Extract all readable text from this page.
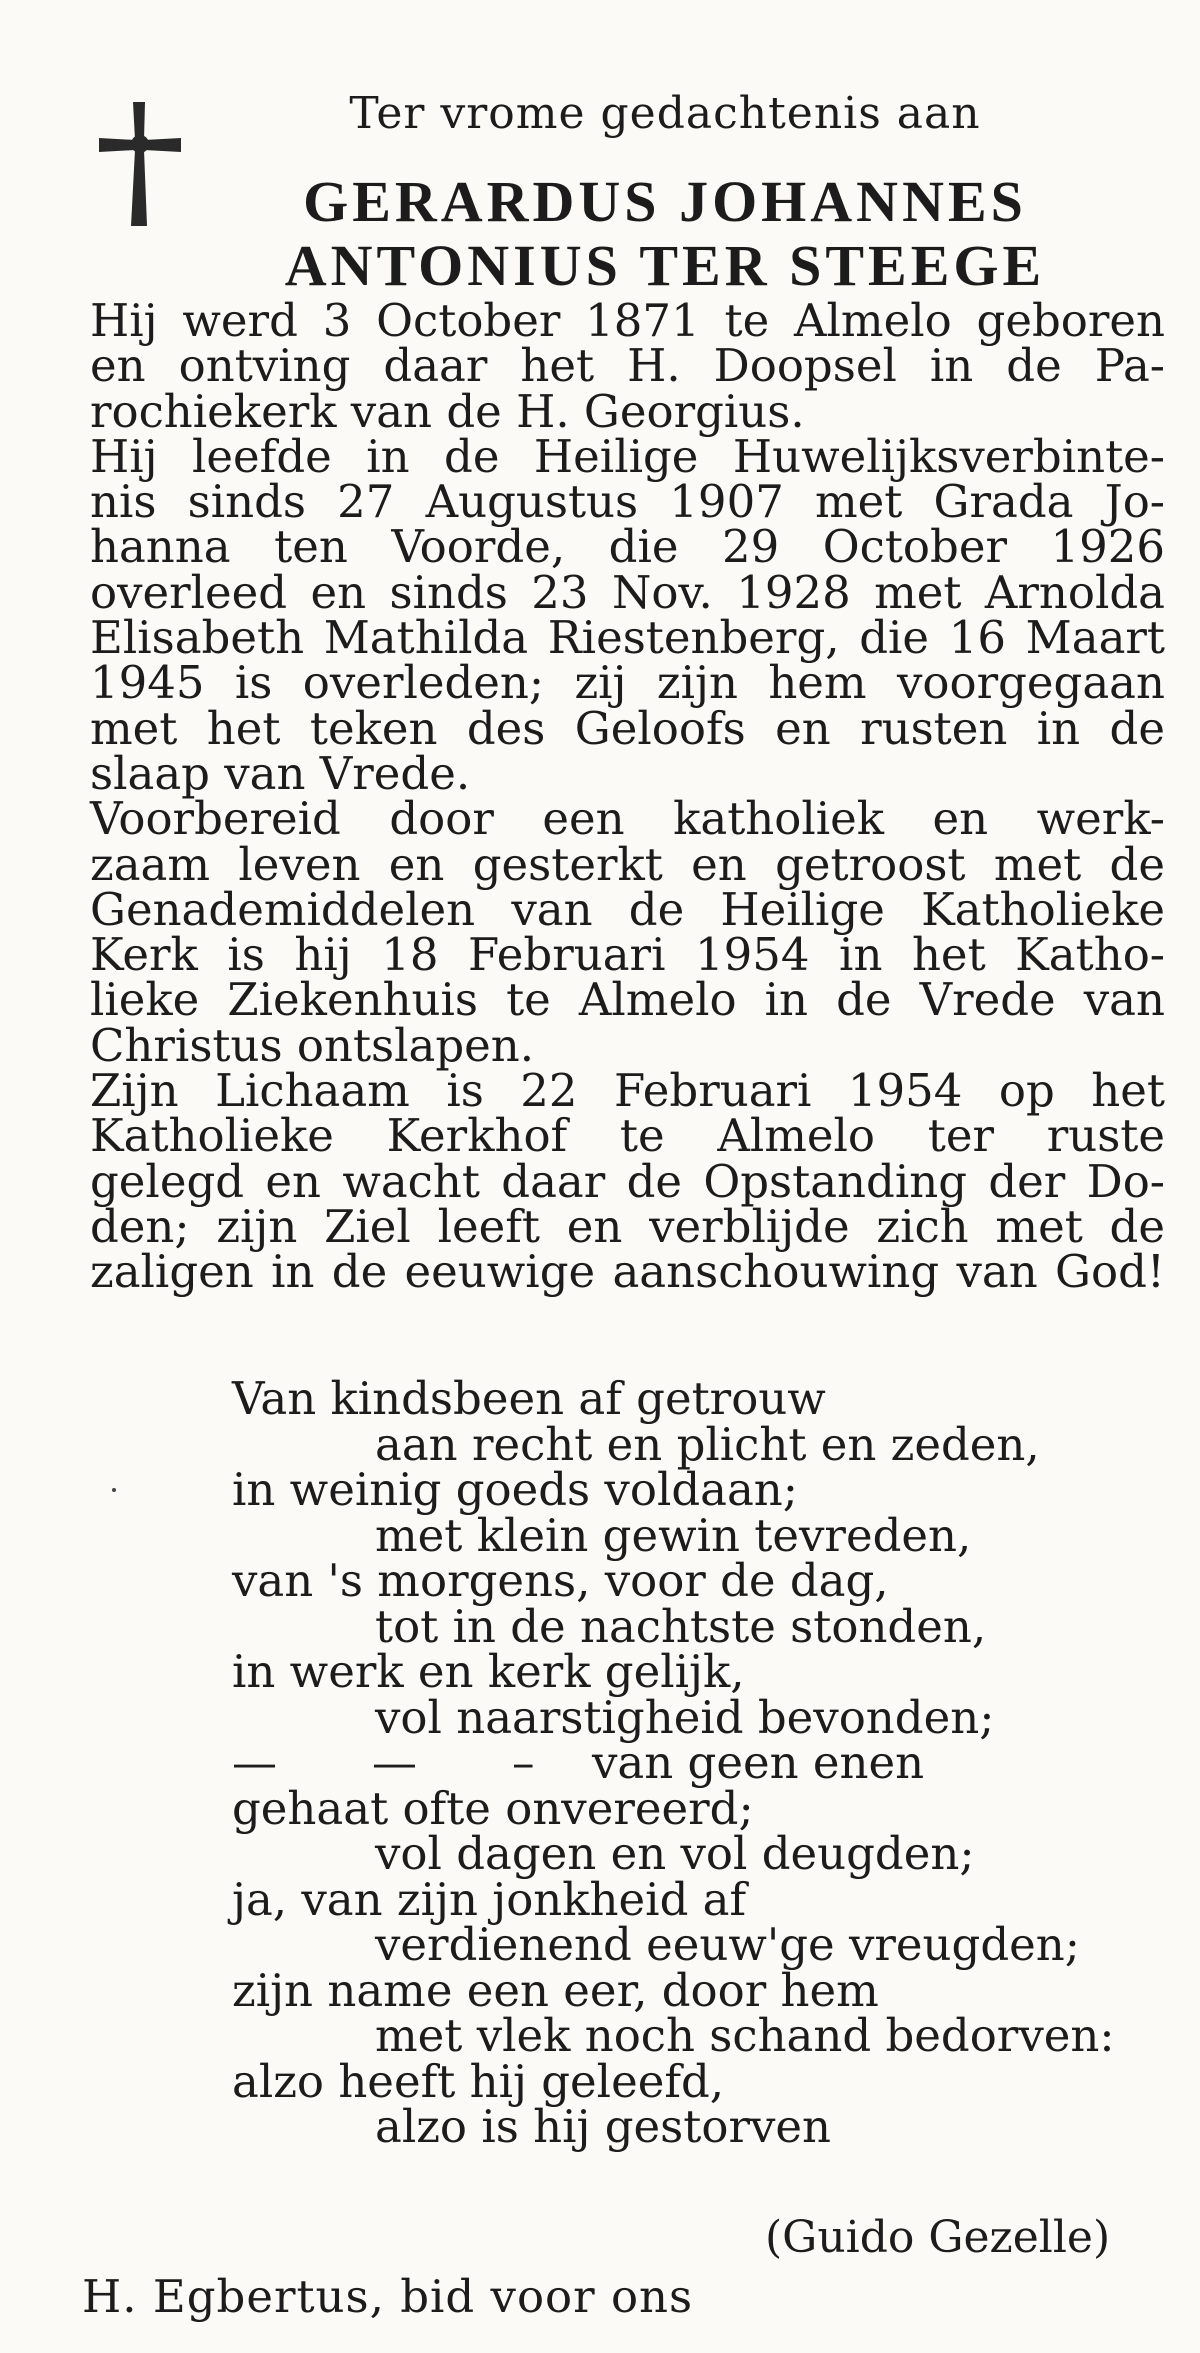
Ter vrome gedachtenis aan
GERARDUS JOHANNES
ANTONIUS TER STEEGE
Hij werd 3 October 1871 te Almelo geboren
en ontving daar het H. Doopsel in de Pa-
rochiekerk van de H. Georgius.
Hij leefde in de Heilige Huwelijksverbinte-
nis sinds 27 Augustus 1907 met Grada Jo-
hanna ten Voorde, die 29 October 1926
overleed en sinds 23 Nov. 1928 met Arnolda
Elisabeth Mathilda Riestenberg, die 16 Maart
1945 is overleden; zij zijn hem voorgegaan
met het teken des Geloofs en rusten in de
slaap van Vrede.
Voorbereid door een katholiek en werk-
zaam leven en gesterkt en getroost met de
Genademiddelen van de Heilige Katholieke
Kerk is hij 18 Februari 1954 in het Katho-
lieke Ziekenhuis te Almelo in de Vrede van
Christus ontslapen.
Zijn Lichaam is 22 Februari 1954 op het
Katholieke Kerkhof te Almelo ter ruste
gelegd en wacht daar de Opstanding der Do-
den; zijn Ziel leeft en verblijde zich met de
zaligen in de eeuwige aanschouwing van God!
Van kindsbeen af getrouw
aan recht en plicht en zeden,
in weinig goeds voldaan;
met klein gewin tevreden,
van 's morgens, voor de dag,
tot in de nachtste stonden,
in werk en kerk gelijk,
vol naarstigheid bevonden;
— — – van geen enen
gehaat ofte onvereerd;
vol dagen en vol deugden;
ja, van zijn jonkheid af
verdienend eeuw'ge vreugden;
zijn name een eer, door hem
met vlek noch schand bedorven:
alzo heeft hij geleefd,
alzo is hij gestorven
(Guido Gezelle)
H. Egbertus, bid voor ons
